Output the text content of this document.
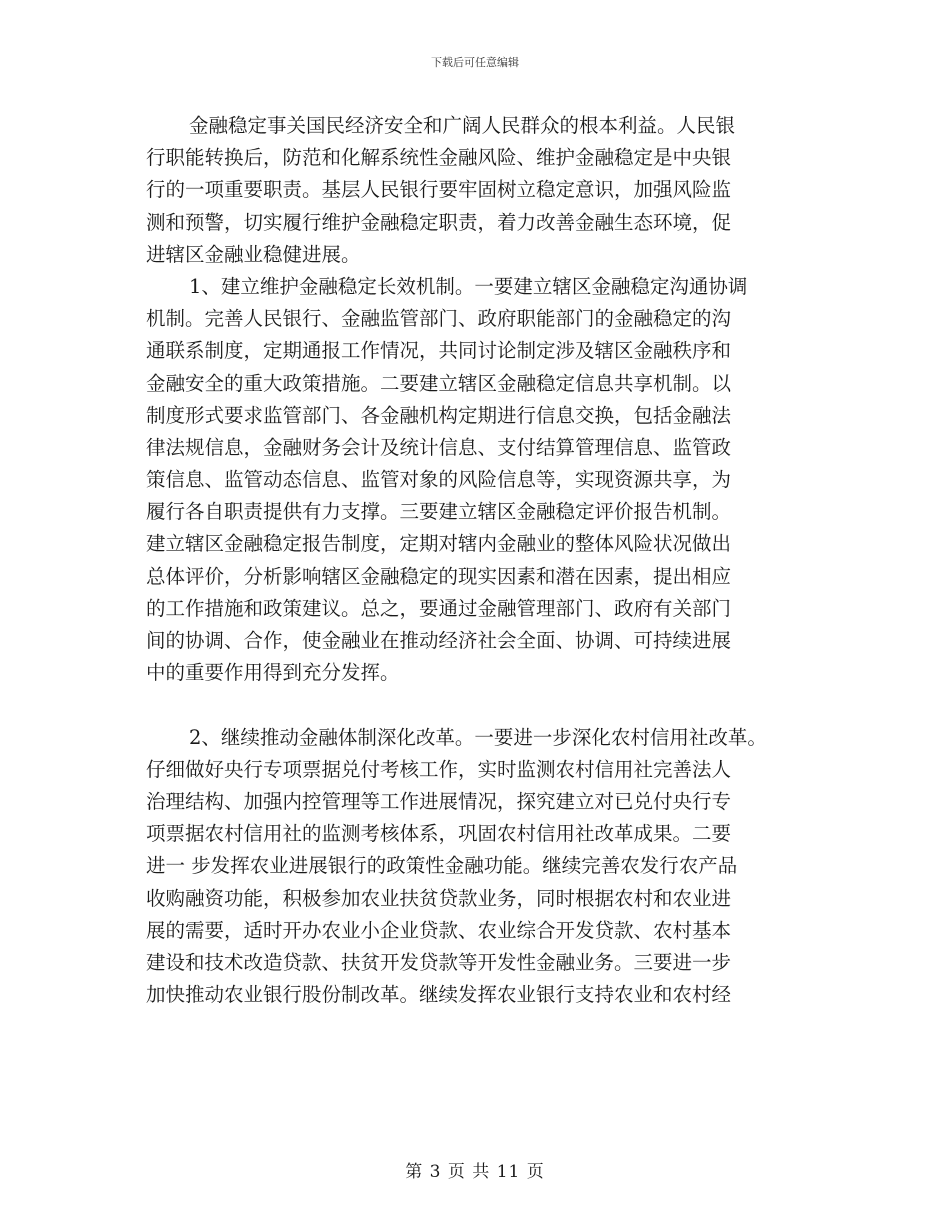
下载后可任意编辑
金融稳定事关国民经济安全和广阔人民群众的根本利益。人民银
行职能转换后，防范和化解系统性金融风险、维护金融稳定是中央银
行的一项重要职责。基层人民银行要牢固树立稳定意识，加强风险监
测和预警，切实履行维护金融稳定职责，着力改善金融生态环境，促
进辖区金融业稳健进展。
1、建立维护金融稳定长效机制。一要建立辖区金融稳定沟通协调
机制。完善人民银行、金融监管部门、政府职能部门的金融稳定的沟
通联系制度，定期通报工作情况，共同讨论制定涉及辖区金融秩序和
金融安全的重大政策措施。二要建立辖区金融稳定信息共享机制。以
制度形式要求监管部门、各金融机构定期进行信息交换，包括金融法
律法规信息，金融财务会计及统计信息、支付结算管理信息、监管政
策信息、监管动态信息、监管对象的风险信息等，实现资源共享，为
履行各自职责提供有力支撑。三要建立辖区金融稳定评价报告机制。
建立辖区金融稳定报告制度，定期对辖内金融业的整体风险状况做出
总体评价，分析影响辖区金融稳定的现实因素和潜在因素，提出相应
的工作措施和政策建议。总之，要通过金融管理部门、政府有关部门
间的协调、合作，使金融业在推动经济社会全面、协调、可持续进展
中的重要作用得到充分发挥。
2、继续推动金融体制深化改革。一要进一步深化农村信用社改革。
仔细做好央行专项票据兑付考核工作，实时监测农村信用社完善法人
治理结构、加强内控管理等工作进展情况，探究建立对已兑付央行专
项票据农村信用社的监测考核体系，巩固农村信用社改革成果。二要
进一 步发挥农业进展银行的政策性金融功能。继续完善农发行农产品
收购融资功能，积极参加农业扶贫贷款业务，同时根据农村和农业进
展的需要，适时开办农业小企业贷款、农业综合开发贷款、农村基本
建设和技术改造贷款、扶贫开发贷款等开发性金融业务。三要进一步
加快推动农业银行股份制改革。继续发挥农业银行支持农业和农村经
第 3 页 共 11 页
